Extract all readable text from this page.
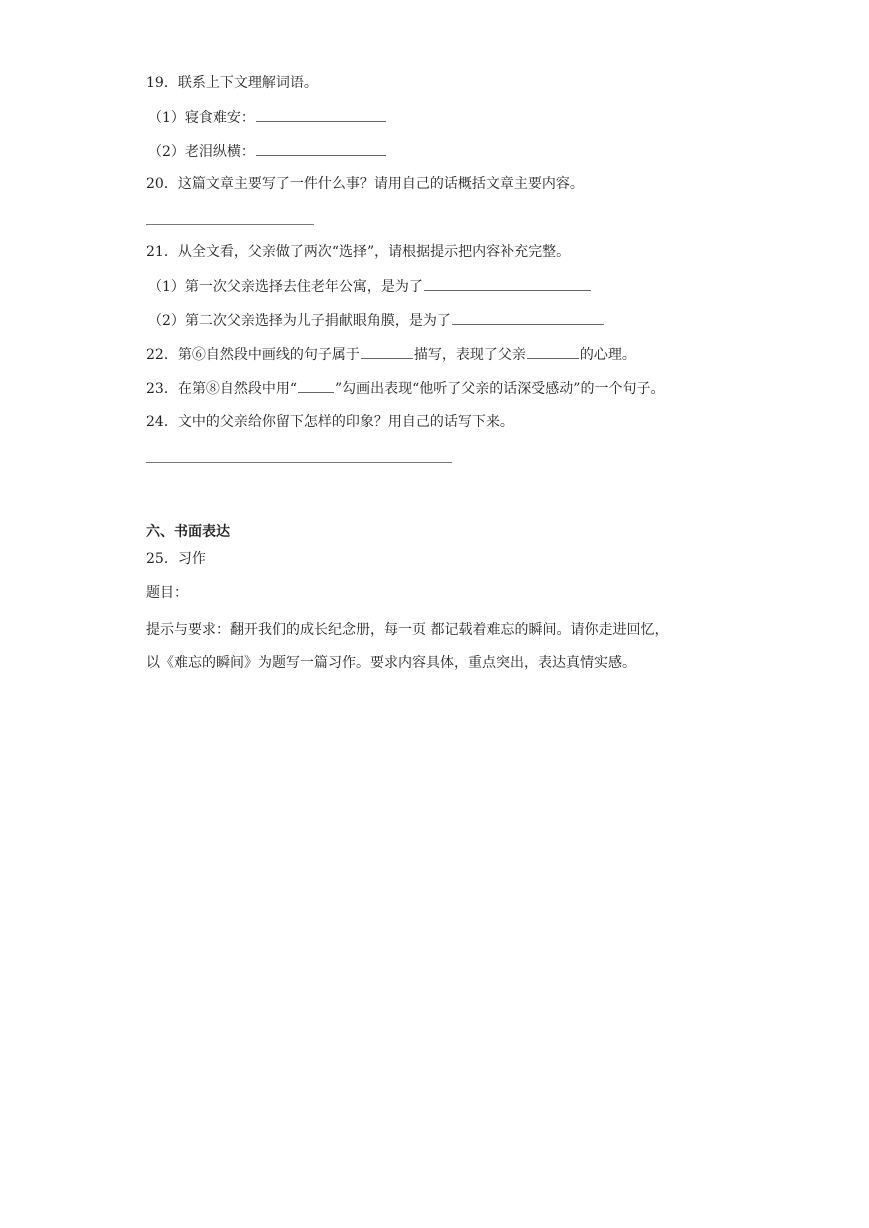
19．联系上下文理解词语。
（1）寝食难安：
（2）老泪纵横：
20．这篇文章主要写了一件什么事？请用自己的话概括文章主要内容。
21．从全文看，父亲做了两次“选择”，请根据提示把内容补充完整。
（1）第一次父亲选择去住老年公寓，是为了
（2）第二次父亲选择为儿子捐献眼角膜，是为了
22．第⑥自然段中画线的句子属于	描写，表现了父亲	的心理。
23．在第⑧自然段中用“	”勾画出表现“他听了父亲的话深受感动”的一个句子。
24．文中的父亲给你留下怎样的印象？用自己的话写下来。
六、书面表达
25．习作
题目：
提示与要求：翻开我们的成长纪念册，每一页 都记载着难忘的瞬间。请你走进回忆，
以《难忘的瞬间》为题写一篇习作。要求内容具体，重点突出，表达真情实感。
